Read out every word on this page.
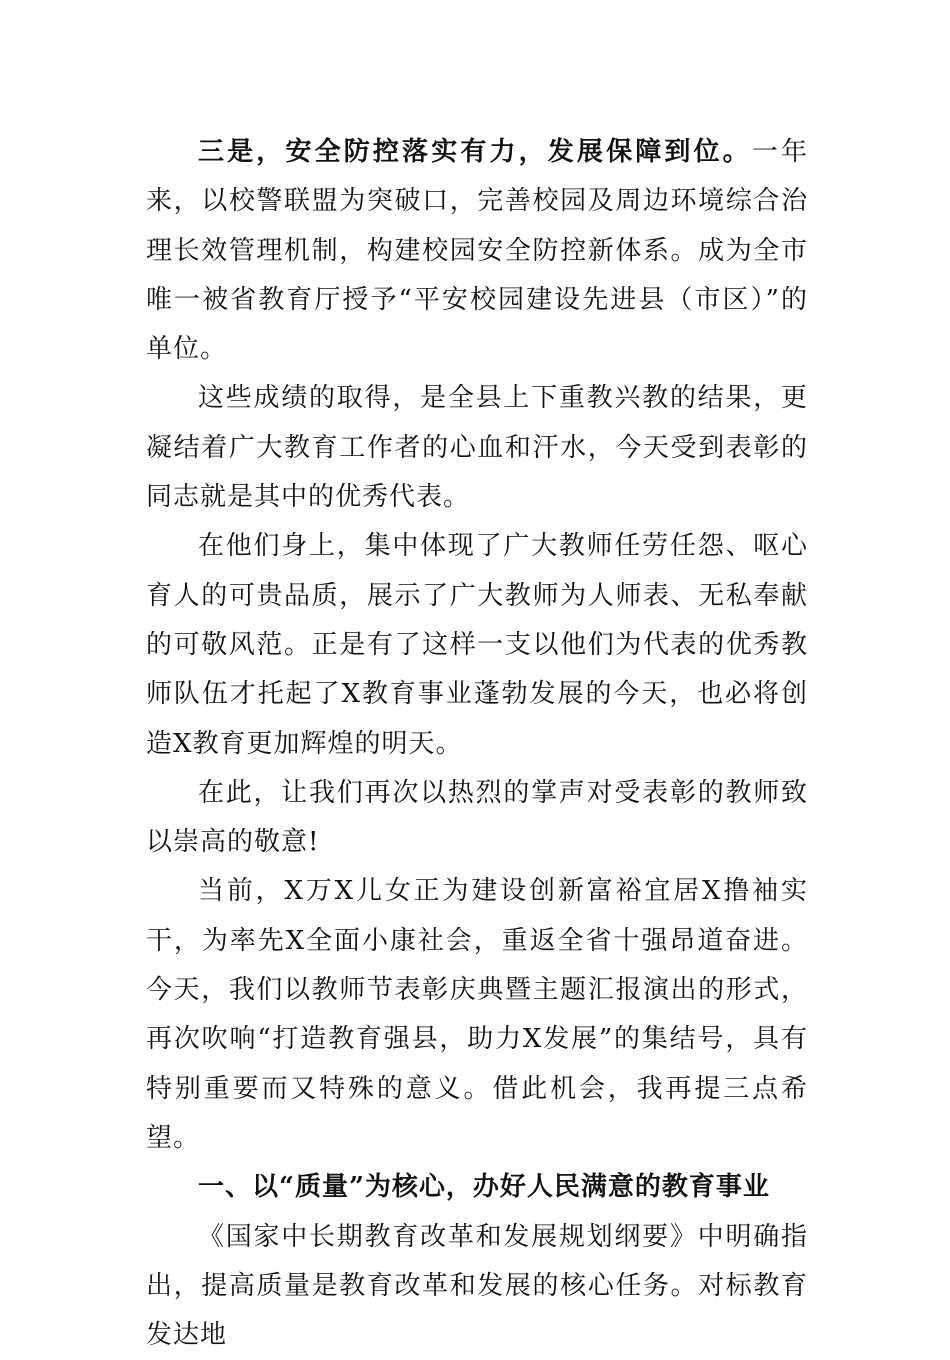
三是，安全防控落实有力，发展保障到位。一年来，以校警联盟为突破口，完善校园及周边环境综合治理长效管理机制，构建校园安全防控新体系。成为全市唯一被省教育厅授予“平安校园建设先进县（市区）”的单位。

这些成绩的取得，是全县上下重教兴教的结果，更凝结着广大教育工作者的心血和汗水，今天受到表彰的同志就是其中的优秀代表。

在他们身上，集中体现了广大教师任劳任怨、呕心育人的可贵品质，展示了广大教师为人师表、无私奉献的可敬风范。正是有了这样一支以他们为代表的优秀教师队伍才托起了X教育事业蓬勃发展的今天，也必将创造X教育更加辉煌的明天。

在此，让我们再次以热烈的掌声对受表彰的教师致以崇高的敬意!

当前，X万X儿女正为建设创新富裕宜居X撸袖实干，为率先X全面小康社会，重返全省十强昂道奋进。今天，我们以教师节表彰庆典暨主题汇报演出的形式，再次吹响“打造教育强县，助力X发展”的集结号，具有特别重要而又特殊的意义。借此机会，我再提三点希望。

一、以“质量”为核心，办好人民满意的教育事业

《国家中长期教育改革和发展规划纲要》中明确指出，提高质量是教育改革和发展的核心任务。对标教育发达地
